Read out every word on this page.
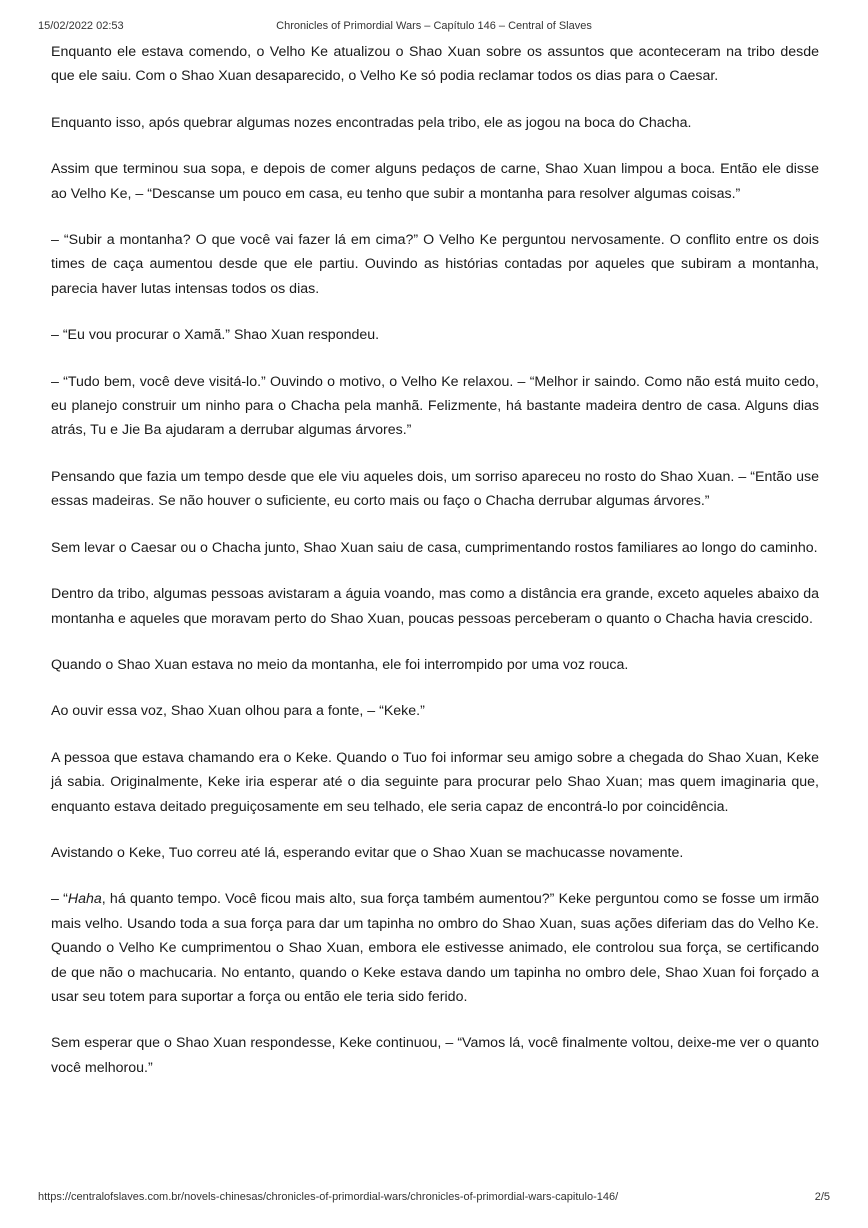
15/02/2022 02:53	Chronicles of Primordial Wars – Capítulo 146 – Central of Slaves

Enquanto ele estava comendo, o Velho Ke atualizou o Shao Xuan sobre os assuntos que aconteceram na tribo desde que ele saiu. Com o Shao Xuan desaparecido, o Velho Ke só podia reclamar todos os dias para o Caesar.

Enquanto isso, após quebrar algumas nozes encontradas pela tribo, ele as jogou na boca do Chacha.

Assim que terminou sua sopa, e depois de comer alguns pedaços de carne, Shao Xuan limpou a boca. Então ele disse ao Velho Ke, – “Descanse um pouco em casa, eu tenho que subir a montanha para resolver algumas coisas.”

– “Subir a montanha? O que você vai fazer lá em cima?” O Velho Ke perguntou nervosamente. O conflito entre os dois times de caça aumentou desde que ele partiu. Ouvindo as histórias contadas por aqueles que subiram a montanha, parecia haver lutas intensas todos os dias.

– “Eu vou procurar o Xamã.” Shao Xuan respondeu.

– “Tudo bem, você deve visitá-lo.” Ouvindo o motivo, o Velho Ke relaxou. – “Melhor ir saindo. Como não está muito cedo, eu planejo construir um ninho para o Chacha pela manhã. Felizmente, há bastante madeira dentro de casa. Alguns dias atrás, Tu e Jie Ba ajudaram a derrubar algumas árvores.”

Pensando que fazia um tempo desde que ele viu aqueles dois, um sorriso apareceu no rosto do Shao Xuan. – “Então use essas madeiras. Se não houver o suficiente, eu corto mais ou faço o Chacha derrubar algumas árvores.”

Sem levar o Caesar ou o Chacha junto, Shao Xuan saiu de casa, cumprimentando rostos familiares ao longo do caminho.

Dentro da tribo, algumas pessoas avistaram a águia voando, mas como a distância era grande, exceto aqueles abaixo da montanha e aqueles que moravam perto do Shao Xuan, poucas pessoas perceberam o quanto o Chacha havia crescido.

Quando o Shao Xuan estava no meio da montanha, ele foi interrompido por uma voz rouca.

Ao ouvir essa voz, Shao Xuan olhou para a fonte, – “Keke.”

A pessoa que estava chamando era o Keke. Quando o Tuo foi informar seu amigo sobre a chegada do Shao Xuan, Keke já sabia. Originalmente, Keke iria esperar até o dia seguinte para procurar pelo Shao Xuan; mas quem imaginaria que, enquanto estava deitado preguiçosamente em seu telhado, ele seria capaz de encontrá-lo por coincidência.

Avistando o Keke, Tuo correu até lá, esperando evitar que o Shao Xuan se machucasse novamente.

– “Haha, há quanto tempo. Você ficou mais alto, sua força também aumentou?” Keke perguntou como se fosse um irmão mais velho. Usando toda a sua força para dar um tapinha no ombro do Shao Xuan, suas ações diferiam das do Velho Ke. Quando o Velho Ke cumprimentou o Shao Xuan, embora ele estivesse animado, ele controlou sua força, se certificando de que não o machucaria. No entanto, quando o Keke estava dando um tapinha no ombro dele, Shao Xuan foi forçado a usar seu totem para suportar a força ou então ele teria sido ferido.

Sem esperar que o Shao Xuan respondesse, Keke continuou, – “Vamos lá, você finalmente voltou, deixe-me ver o quanto você melhorou.”

https://centralofslaves.com.br/novels-chinesas/chronicles-of-primordial-wars/chronicles-of-primordial-wars-capitulo-146/	2/5
